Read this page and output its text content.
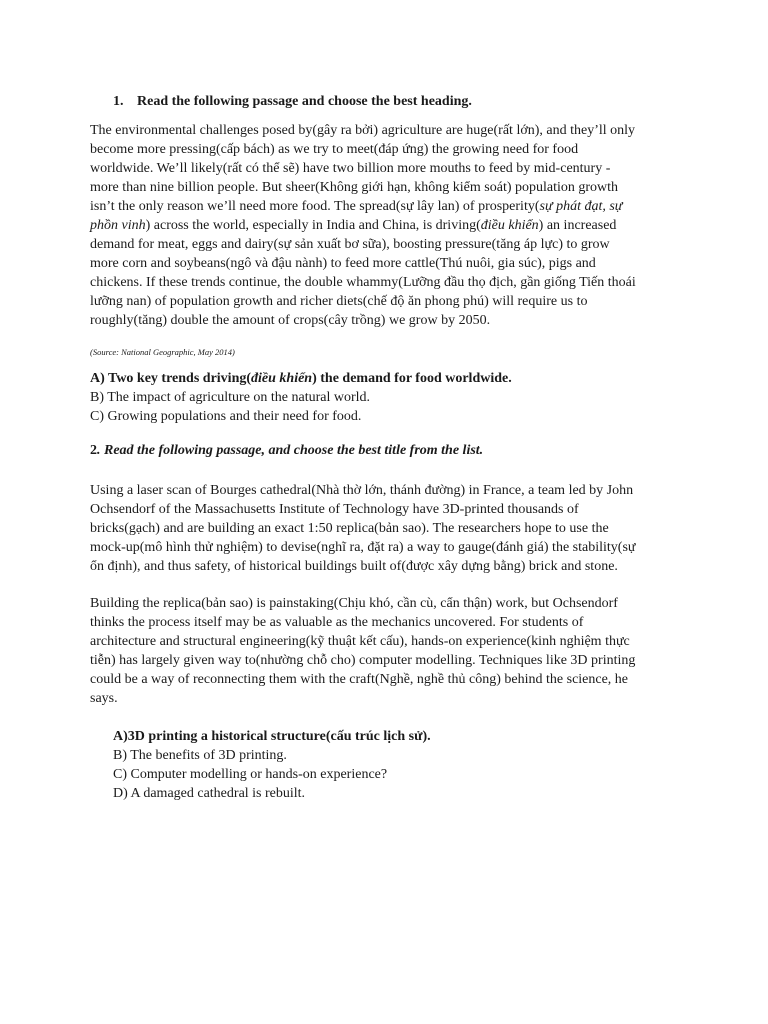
1. Read the following passage and choose the best heading.
The environmental challenges posed by(gây ra bởi) agriculture are huge(rất lớn), and they’ll only
become more pressing(cấp bách) as we try to meet(đáp ứng) the growing need for food
worldwide. We’ll likely(rất có thể sẽ) have two billion more mouths to feed by mid-century -
more than nine billion people. But sheer(Không giới hạn, không kiểm soát) population growth
isn’t the only reason we’ll need more food. The spread(sự lây lan) of prosperity(sự phát đạt, sự
phồn vinh) across the world, especially in India and China, is driving(điều khiển) an increased
demand for meat, eggs and dairy(sự sản xuất bơ sữa), boosting pressure(tăng áp lực) to grow
more corn and soybeans(ngô và đậu nành) to feed more cattle(Thú nuôi, gia súc), pigs and
chickens. If these trends continue, the double whammy(Lưỡng đầu thọ địch, gần giống Tiến thoái
lưỡng nan) of population growth and richer diets(chế độ ăn phong phú) will require us to
roughly(tăng) double the amount of crops(cây trồng) we grow by 2050.
(Source: National Geographic, May 2014)
A) Two key trends driving(điều khiển) the demand for food worldwide.
B) The impact of agriculture on the natural world.
C) Growing populations and their need for food.
2. Read the following passage, and choose the best title from the list.
Using a laser scan of Bourges cathedral(Nhà thờ lớn, thánh đường) in France, a team led by John
Ochsendorf of the Massachusetts Institute of Technology have 3D-printed thousands of
bricks(gạch) and are building an exact 1:50 replica(bản sao). The researchers hope to use the
mock-up(mô hình thử nghiệm) to devise(nghĩ ra, đặt ra) a way to gauge(đánh giá) the stability(sự
ổn định), and thus safety, of historical buildings built of(được xây dựng bằng) brick and stone.
Building the replica(bản sao) is painstaking(Chịu khó, cần cù, cẩn thận) work, but Ochsendorf
thinks the process itself may be as valuable as the mechanics uncovered. For students of
architecture and structural engineering(kỹ thuật kết cấu), hands-on experience(kinh nghiệm thực
tiễn) has largely given way to(nhường chỗ cho) computer modelling. Techniques like 3D printing
could be a way of reconnecting them with the craft(Nghề, nghề thủ công) behind the science, he
says.
A)3D printing a historical structure(cấu trúc lịch sử).
B) The benefits of 3D printing.
C) Computer modelling or hands-on experience?
D) A damaged cathedral is rebuilt.
